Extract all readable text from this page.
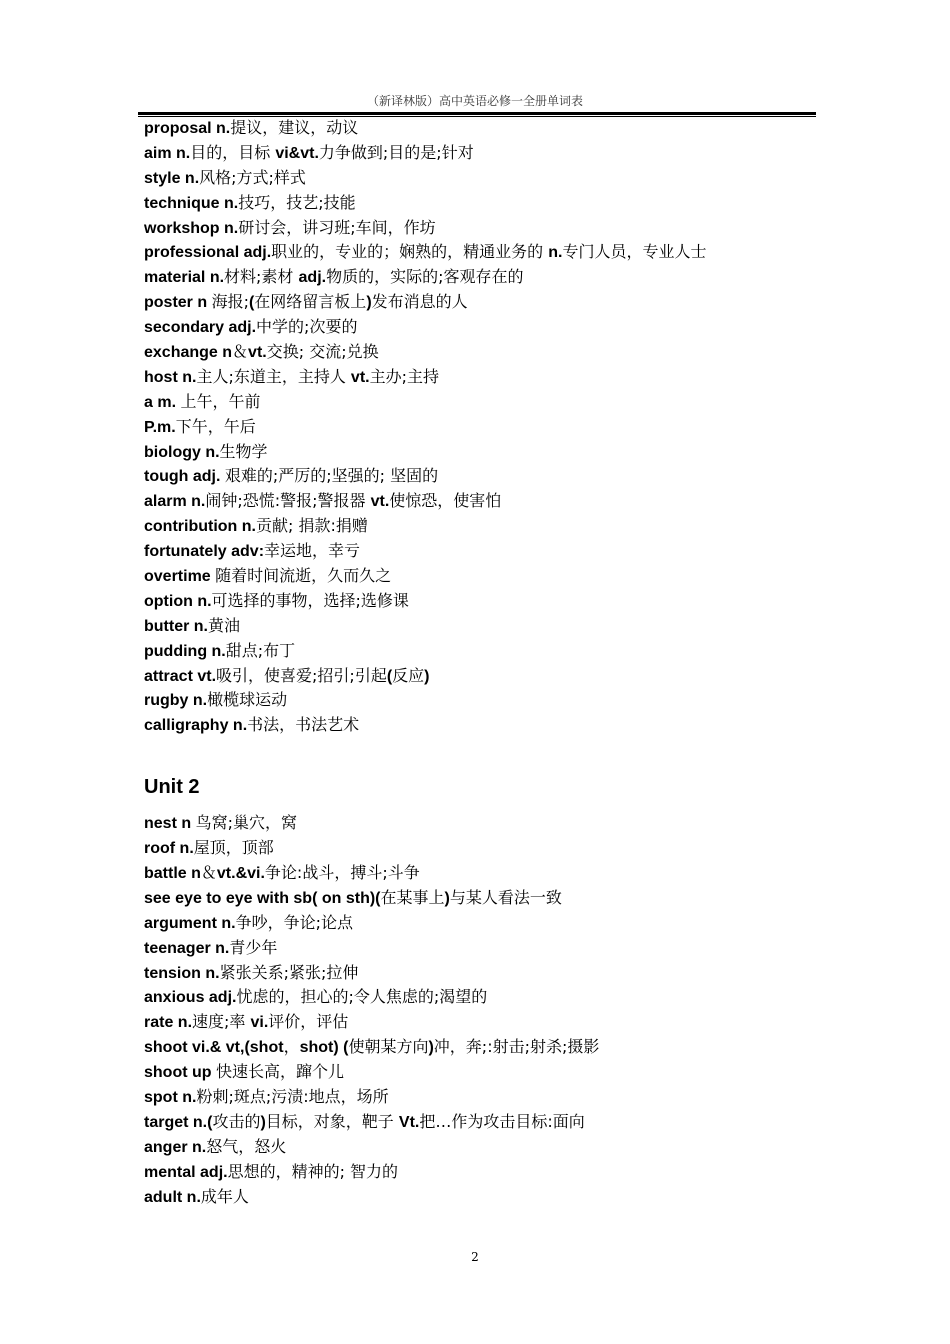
（新译林版）高中英语必修一全册单词表
proposal n.提议，建议，动议
aim n.目的，目标 vi&vt.力争做到;目的是;针对
style n.风格;方式;样式
technique n.技巧，技艺;技能
workshop n.研讨会，讲习班;车间，作坊
professional adj.职业的，专业的；娴熟的，精通业务的 n.专门人员，专业人士
material n.材料;素材 adj.物质的，实际的;客观存在的
poster n 海报;(在网络留言板上)发布消息的人
secondary adj.中学的;次要的
exchange n＆vt.交换; 交流;兑换
host n.主人;东道主，主持人 vt.主办;主持
a m. 上午，午前
P.m.下午，午后
biology n.生物学
tough adj. 艰难的;严厉的;坚强的; 坚固的
alarm n.闹钟;恐慌:警报;警报器 vt.使惊恐，使害怕
contribution n.贡献; 捐款:捐赠
fortunately adv:幸运地，幸亏
overtime 随着时间流逝，久而久之
option n.可选择的事物，选择;选修课
butter n.黄油
pudding n.甜点;布丁
attract vt.吸引，使喜爱;招引;引起(反应)
rugby n.橄榄球运动
calligraphy n.书法，书法艺术
Unit 2
nest n 鸟窝;巢穴，窝
roof n.屋顶，顶部
battle n＆vt.&vi.争论:战斗，搏斗;斗争
see eye to eye with sb( on sth)(在某事上)与某人看法一致
argument n.争吵，争论;论点
teenager n.青少年
tension n.紧张关系;紧张;拉伸
anxious adj.忧虑的，担心的;令人焦虑的;渴望的
rate n.速度;率 vi.评价，评估
shoot vi.& vt,(shot，shot) (使朝某方向)冲，奔;:射击;射杀;摄影
shoot up 快速长高，蹿个儿
spot n.粉刺;斑点;污渍:地点，场所
target n.(攻击的)目标，对象，靶子 Vt.把…作为攻击目标:面向
anger n.怒气，怒火
mental adj.思想的，精神的; 智力的
adult n.成年人
2
